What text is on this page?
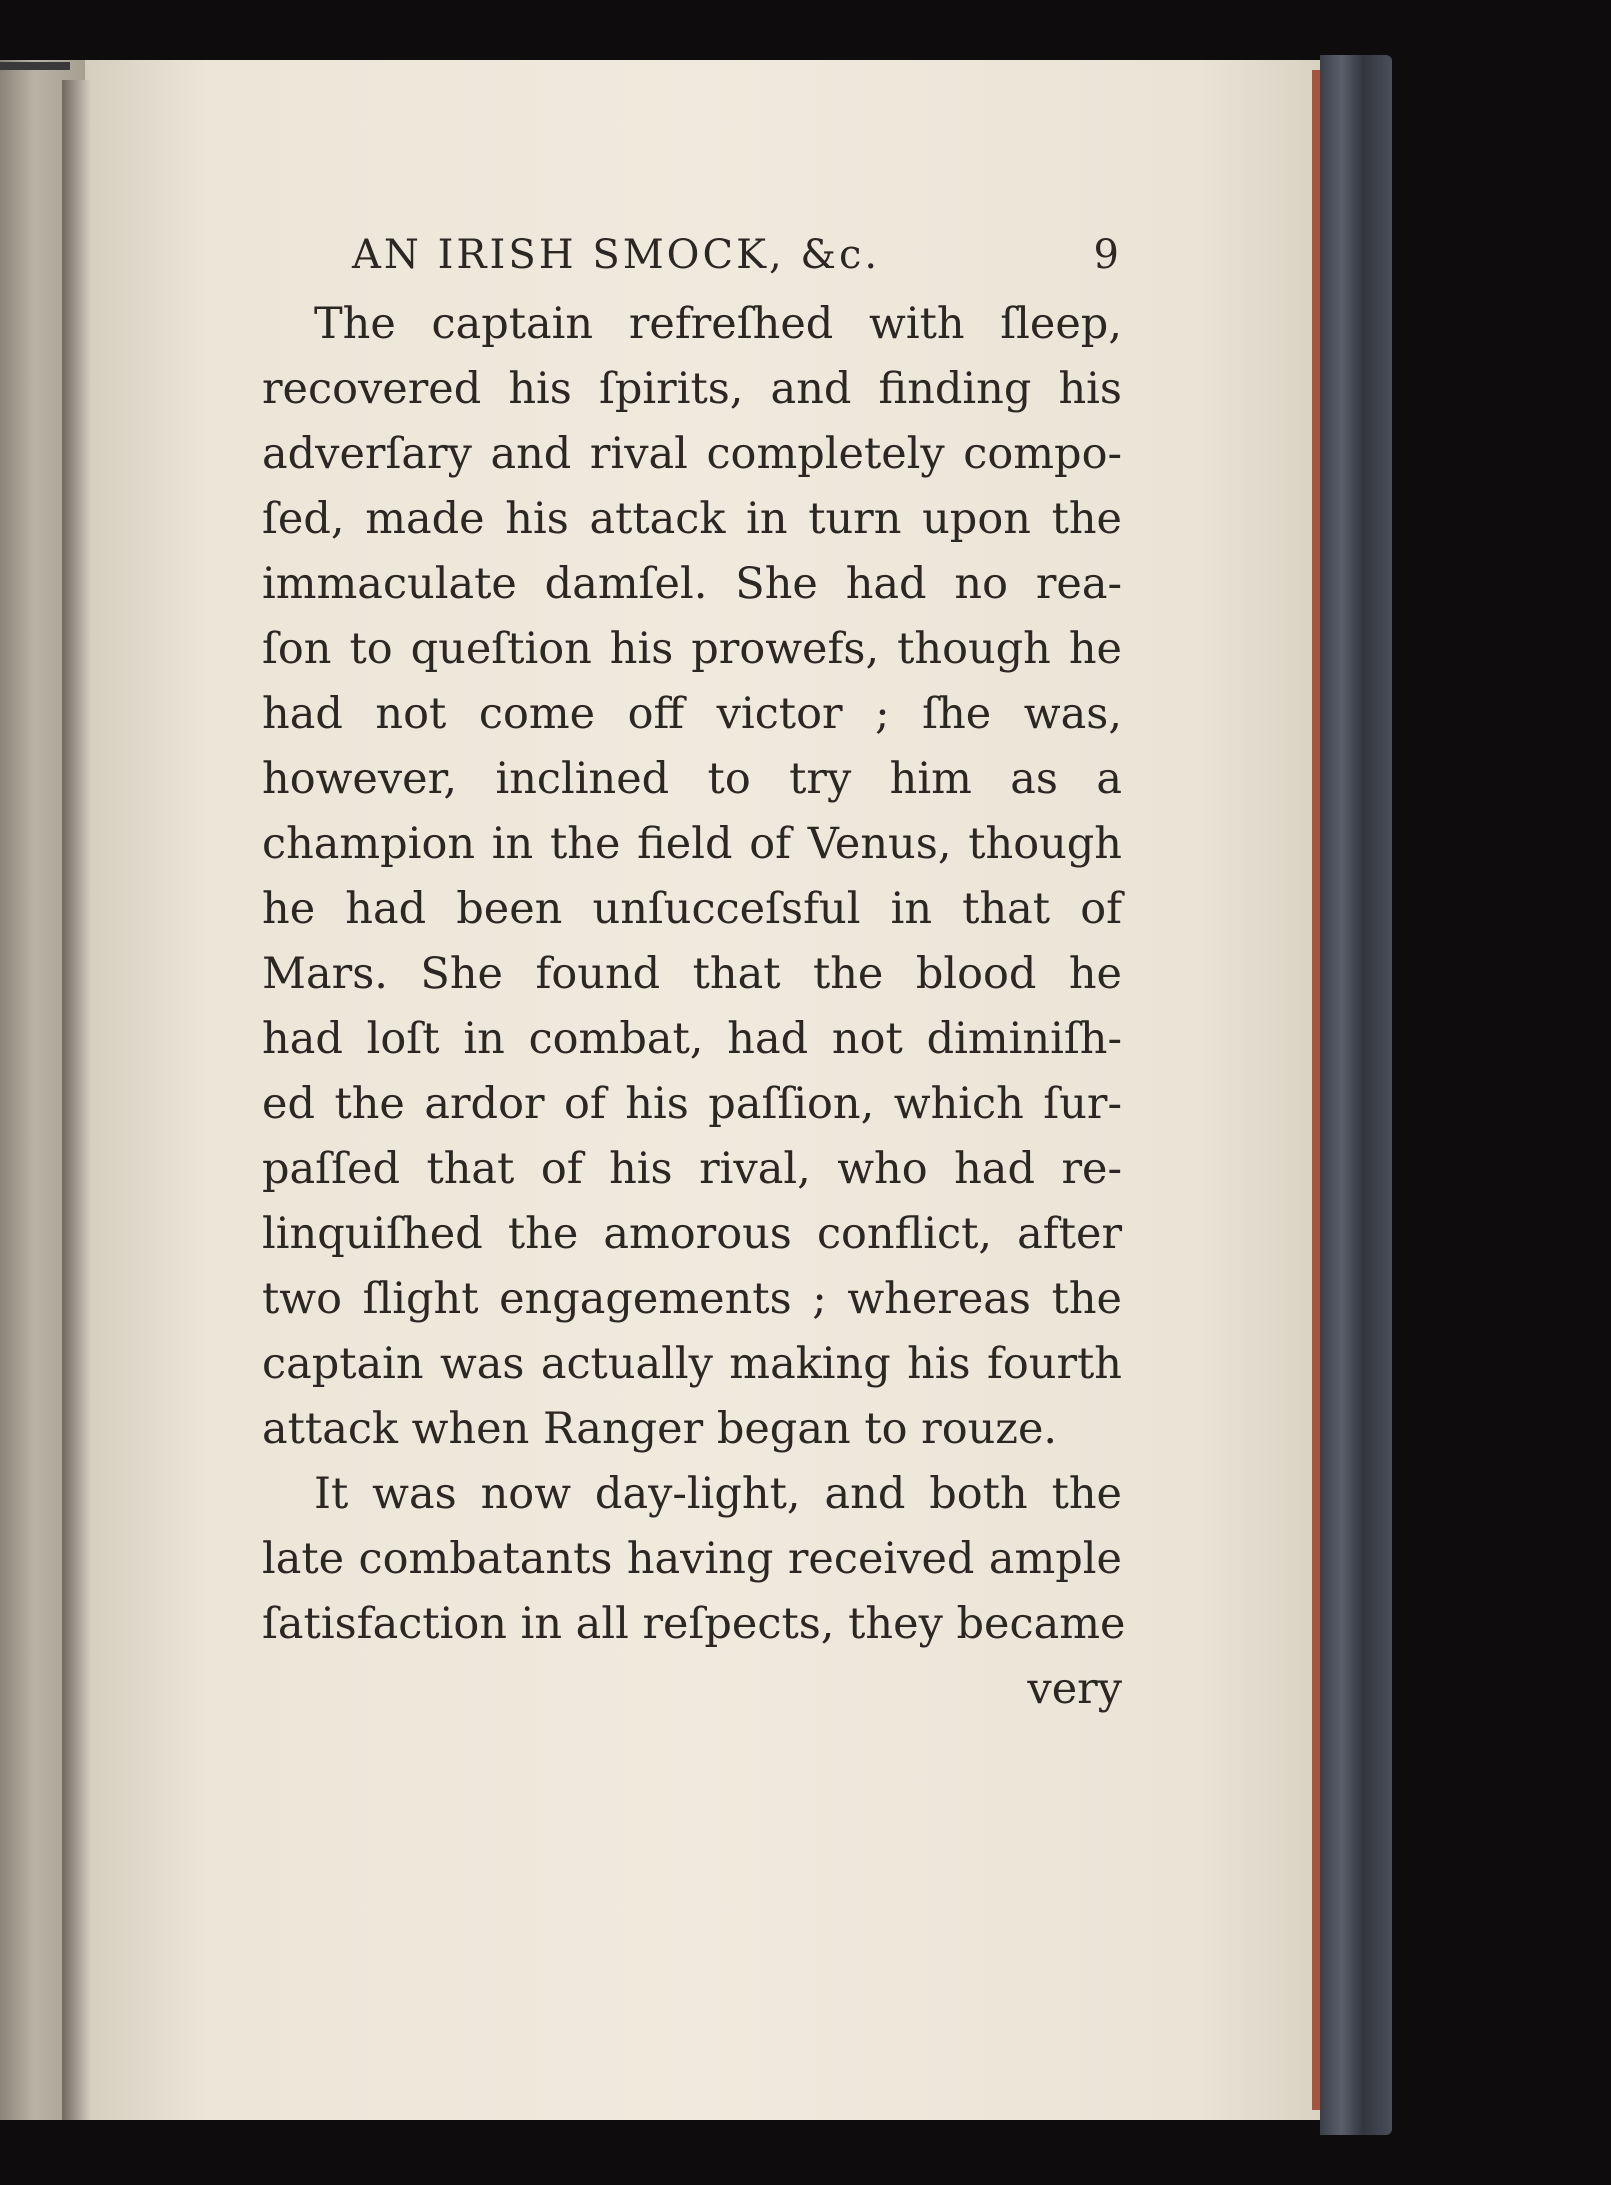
AN IRISH SMOCK, &c.	9
The captain refreſhed with ſleep,
recovered his ſpirits, and finding his
adverſary and rival completely compo-
ſed, made his attack in turn upon the
immaculate damſel. She had no rea-
ſon to queſtion his prowefs, though he
had not come off victor ; ſhe was,
however, inclined to try him as a
champion in the field of Venus, though
he had been unſucceſsful in that of
Mars. She found that the blood he
had loſt in combat, had not diminiſh-
ed the ardor of his paſſion, which ſur-
paſſed that of his rival, who had re-
linquiſhed the amorous conflict, after
two ſlight engagements ; whereas the
captain was actually making his fourth
attack when Ranger began to rouze.
It was now day-light, and both the
late combatants having received ample
ſatisfaction in all reſpects, they became
very
